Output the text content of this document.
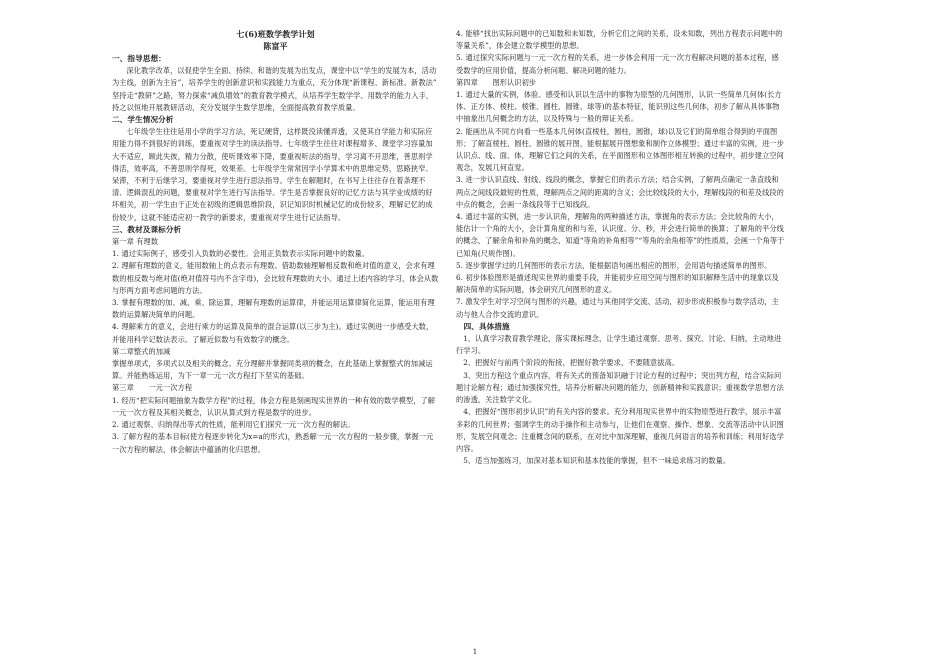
七(6)班数学教学计划
陈富平
一、指导思想：
深化教学改革，以促使学生全面、持续、和谐的发展为出发点，课堂中以“学生的发展为本，活动为主线，创新为主旨”，培养学生的创新意识和实践能力为重点，充分体现“新课程、新标准、新教法” 坚持走“教研”之路，努力探索“减负增效”的教育教学模式，从培养学生数学学、用数学的能力入手，持之以恒地开展教研活动，充分发展学生数学思维，全面提高教育教学质量。
二、学生情况分析
七年级学生往往延用小学的学习方法，死记硬背，这样既没读懂弄透，又使其自学能力和实际应用能力得不到很好的训练，要重视对学生的读法指导。七年级学生往往对课程增多、课堂学习容量加大不适应，顾此失彼，精力分散，使听课效率下降，要重视听法的指导，学习离不开思维，善思则学得活，效率高，不善思则学得死，效果差。七年级学生常常因学小学算术中的思维定势，思路狭窄、呆滞，不利于后继学习，要重视对学生进行思法指导。学生在解题时，在书写上往往存在着条理不清、逻辑混乱的问题，要重视对学生进行写法指导。学生是否掌握良好的记忆方法与其学业成绩的好坏相关，初一学生由于正处在初级的逻辑思维阶段，识记知识时机械记忆的成份较多，理解记忆的成份较少，这就不能适应初一教学的新要求，要重视对学生进行记法指导。
三、教材及课标分析
第一章 有理数
1. 通过实际例子，感受引入负数的必要性。会用正负数表示实际问题中的数量。
2. 理解有理数的意义，能用数轴上的点表示有理数。借助数轴理解相反数和绝对值的意义，会求有理数的相反数与绝对值(绝对值符号内不含字母)，会比较有理数的大小。通过上述内容的学习，体会从数与形两方面考虑问题的方法。
3. 掌握有理数的加、减、乘、除运算，理解有理数的运算律，并能运用运算律简化运算，能运用有理数的运算解决简单的问题。
4. 理解乘方的意义，会进行乘方的运算及简单的混合运算(以三步为主)。通过实例进一步感受大数，并能用科学记数法表示。了解近似数与有效数字的概念。
第二章整式的加减
掌握单项式，多项式以及相关的概念。充分理解并掌握同类项的概念，在此基础上掌握整式的加减运算。并能熟练运用，为下一章一元一次方程打下坚实的基础。
第三章　　一元一次方程
1. 经历“把实际问题抽象为数学方程”的过程，体会方程是刻画现实世界的一种有效的数学模型，了解一元一次方程及其相关概念，认识从算式到方程是数学的进步。
2. 通过观察、归纳得出等式的性质，能利用它们探究一元一次方程的解法。
3. 了解方程的基本目标(使方程逐步转化为x=a的形式)，熟悉解一元一次方程的一般步骤，掌握一元一次方程的解法，体会解法中蕴涵的化归思想。
4. 能够“找出实际问题中的已知数和未知数，分析它们之间的关系，设未知数，列出方程表示问题中的等量关系”，体会建立数学模型的思想。
5. 通过探究实际问题与一元一次方程的关系，进一步体会利用一元一次方程解决问题的基本过程，感受数学的应用价值，提高分析问题、解决问题的能力。
第四章　　图形认识初步
1. 通过大量的实例，体验、感受和认识以生活中的事物为原型的几何图形，认识一些简单几何体(长方体、正方体、棱柱、棱锥、圆柱、圆锥、球等)的基本特征，能识别这些几何体，初步了解从具体事物中抽象出几何概念的方法，以及特殊与一般的辩证关系。
2. 能画出从不同方向看一些基本几何体(直棱柱，圆柱，圆锥，球)以及它们的简单组合得到的平面图形；了解直棱柱、圆柱、圆锥的展开图，能根据展开图想象和制作立体模型；通过丰富的实例，进一步认识点、线、面、体，理解它们之间的关系，在平面图形和立体图形相互转换的过程中，初步建立空间观念，发展几何直觉。
3. 进一步认识直线、射线、线段的概念，掌握它们的表示方法；结合实例，了解两点确定一条直线和两点之间线段最短的性质，理解两点之间的距离的含义；会比较线段的大小，理解线段的和差及线段的中点的概念，会画一条线段等于已知线段。
4. 通过丰富的实例，进一步认识角，理解角的两种描述方法，掌握角的表示方法；会比较角的大小，能估计一个角的大小，会计算角度的和与差，认识度、分、秒，并会进行简单的换算；了解角的平分线的概念，了解余角和补角的概念，知道“等角的补角相等”“等角的余角相等”的性质质，会画一个角等于已知角(尺规作图)。
5. 逐步掌握学过的几何图形的表示方法，能根据语句画出相应的图形，会用语句描述简单的图形。
6. 初步体验图形是描述现实世界的重要手段，并能初步应用空间与图形的知识解释生活中的现象以及解决简单的实际问题，体会研究几何图形的意义。
7. 激发学生对学习空间与图形的兴趣，通过与其他同学交流、活动，初步形成积极参与数学活动，主动与他人合作交流的意识。
四、具体措施
1、认真学习教育教学理论，落实课标理念，让学生通过观察、思考、探究、讨论、归纳，主动地进行学习。
2、把握好与前两个阶段的衔接，把握好教学要求，不要随意拔高。
3、突出方程这个重点内容，将有关式的预备知识融于讨论方程的过程中；突出列方程，结合实际问题讨论解方程；通过加强探究性，培养分析解决问题的能力，创新精神和实践意识；重视数学思想方法的渗透，关注数学文化。
4、把握好“图形初步认识”的有关内容的要求。充分利用现实世界中的实物原型进行教学，展示丰富多彩的几何世界；强调学生的动手操作和主动参与，让他们在观察、操作、想象、交流等活动中认识图形，发展空间观念；注重概念间的联系，在对比中加深理解，重视几何语言的培养和训练；利用好选学内容。
5、适当加强练习，加深对基本知识和基本技能的掌握，但不一味追求练习的数量。
1
